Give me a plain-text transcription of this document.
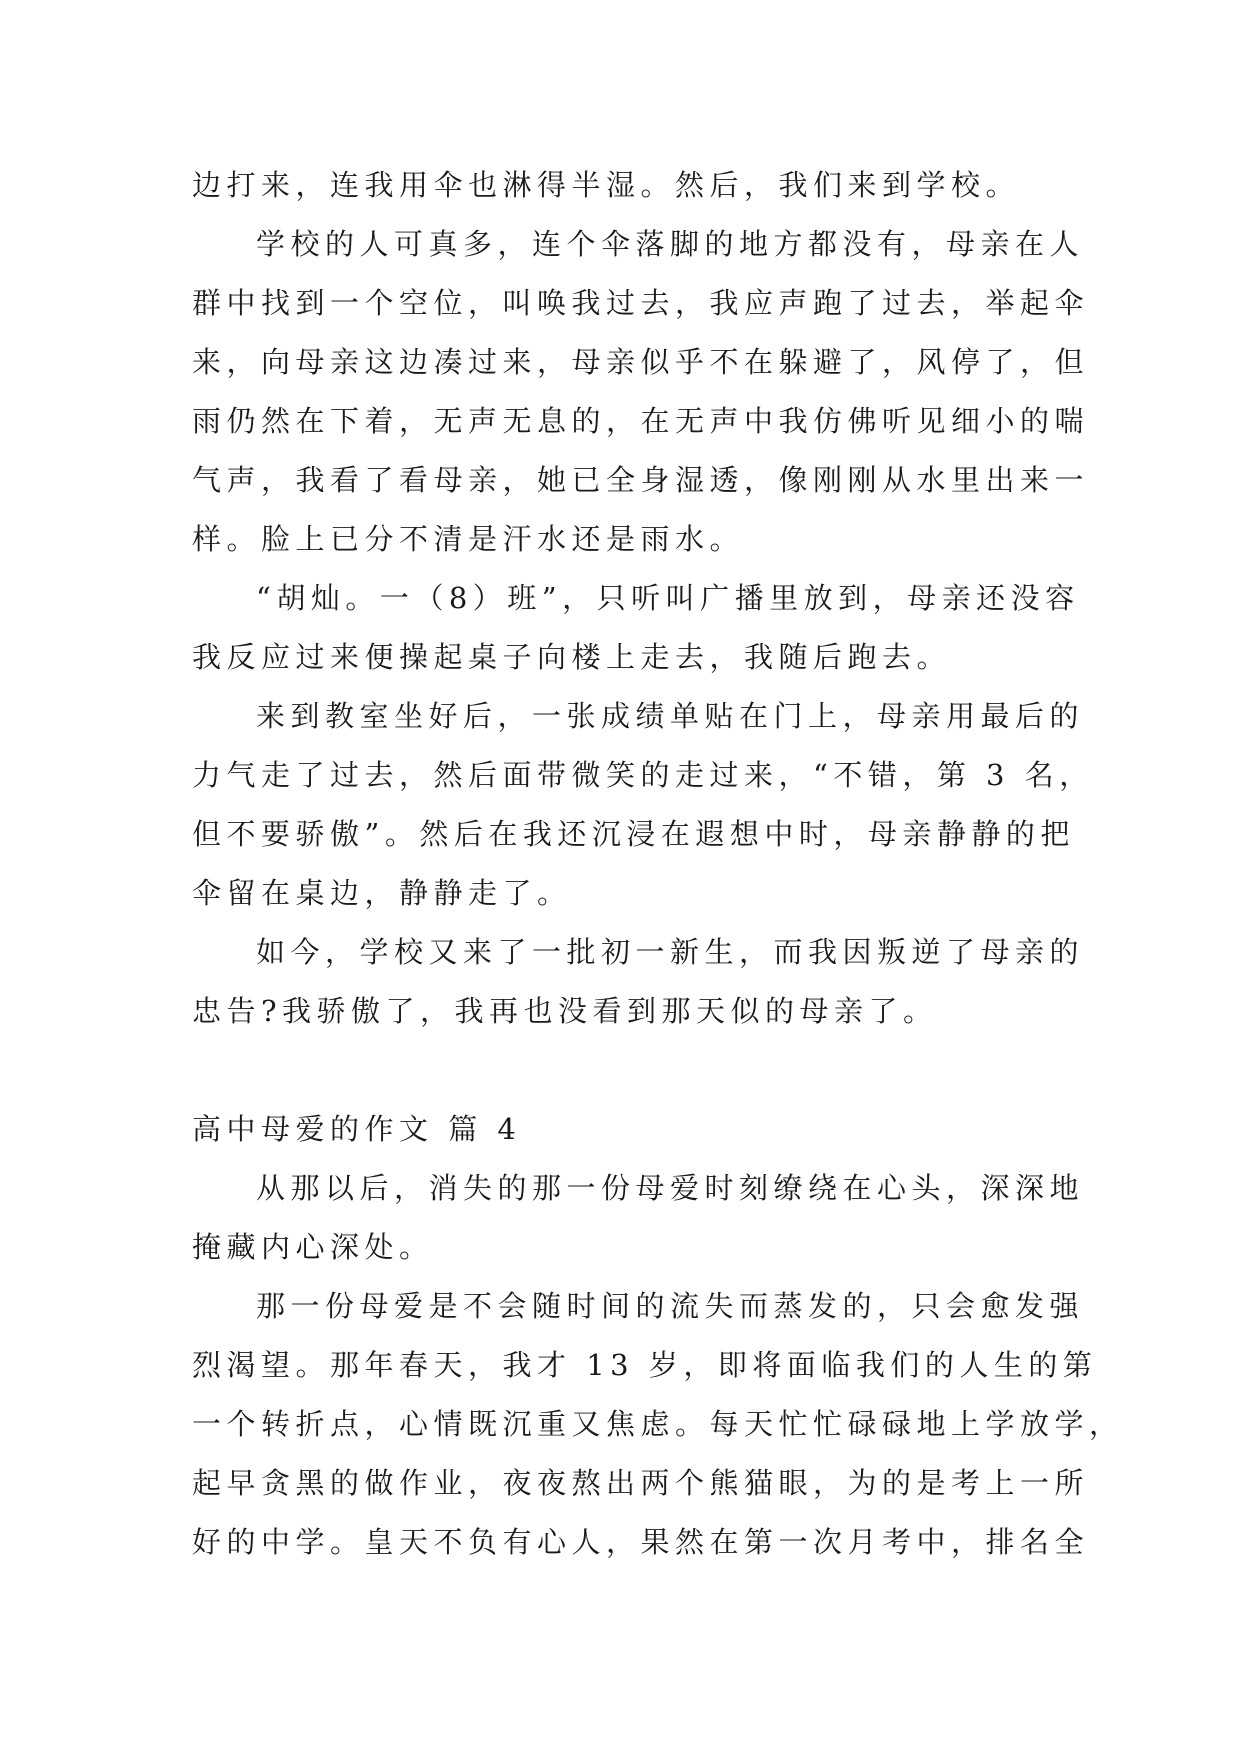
边打来，连我用伞也淋得半湿。然后，我们来到学校。
学校的人可真多，连个伞落脚的地方都没有，母亲在人
群中找到一个空位，叫唤我过去，我应声跑了过去，举起伞
来，向母亲这边凑过来，母亲似乎不在躲避了，风停了，但
雨仍然在下着，无声无息的，在无声中我仿佛听见细小的喘
气声，我看了看母亲，她已全身湿透，像刚刚从水里出来一
样。脸上已分不清是汗水还是雨水。
“胡灿。一（8）班”，只听叫广播里放到，母亲还没容
我反应过来便操起桌子向楼上走去，我随后跑去。
来到教室坐好后，一张成绩单贴在门上，母亲用最后的
力气走了过去，然后面带微笑的走过来，“不错，第 3 名，
但不要骄傲”。然后在我还沉浸在遐想中时，母亲静静的把
伞留在桌边，静静走了。
如今，学校又来了一批初一新生，而我因叛逆了母亲的
忠告?我骄傲了，我再也没看到那天似的母亲了。
高中母爱的作文 篇 4
从那以后，消失的那一份母爱时刻缭绕在心头，深深地
掩藏内心深处。
那一份母爱是不会随时间的流失而蒸发的，只会愈发强
烈渴望。那年春天，我才 13 岁，即将面临我们的人生的第
一个转折点，心情既沉重又焦虑。每天忙忙碌碌地上学放学，
起早贪黑的做作业，夜夜熬出两个熊猫眼，为的是考上一所
好的中学。皇天不负有心人，果然在第一次月考中，排名全
